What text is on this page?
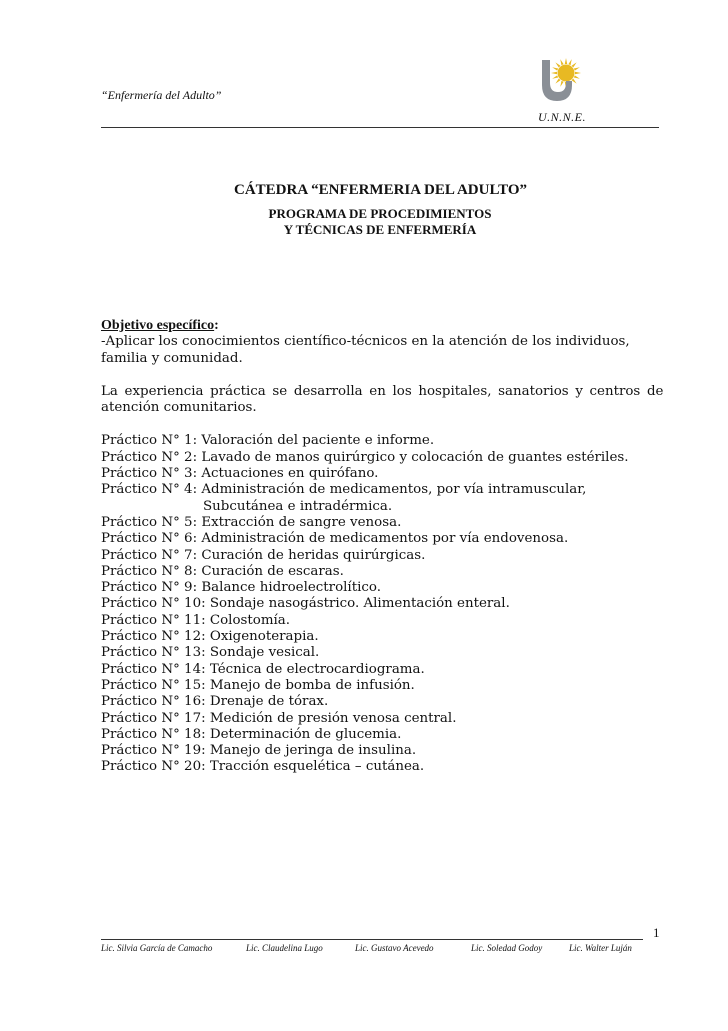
“Enfermería del Adulto”
U.N.N.E.
CÁTEDRA “ENFERMERIA DEL ADULTO”
PROGRAMA DE PROCEDIMIENTOS
Y TÉCNICAS DE ENFERMERÍA
Objetivo específico:
-Aplicar los conocimientos científico-técnicos en la atención de los individuos,
familia y comunidad.
La experiencia práctica se desarrolla en los hospitales, sanatorios y centros de
atención comunitarios.
Práctico N° 1: Valoración del paciente e informe.
Práctico N° 2: Lavado de manos quirúrgico y colocación de guantes estériles.
Práctico N° 3: Actuaciones en quirófano.
Práctico N° 4: Administración de medicamentos, por vía intramuscular,
Subcutánea e intradérmica.
Práctico N° 5: Extracción de sangre venosa.
Práctico N° 6: Administración de medicamentos por vía endovenosa.
Práctico N° 7: Curación de heridas quirúrgicas.
Práctico N° 8: Curación de escaras.
Práctico N° 9: Balance hidroelectrolítico.
Práctico N° 10: Sondaje nasogástrico. Alimentación enteral.
Práctico N° 11: Colostomía.
Práctico N° 12: Oxigenoterapia.
Práctico N° 13: Sondaje vesical.
Práctico N° 14: Técnica de electrocardiograma.
Práctico N° 15: Manejo de bomba de infusión.
Práctico N° 16: Drenaje de tórax.
Práctico N° 17: Medición de presión venosa central.
Práctico N° 18: Determinación de glucemia.
Práctico N° 19: Manejo de jeringa de insulina.
Práctico N° 20: Tracción esquelética – cutánea.
1
Lic. Silvia García de Camacho	Lic. Claudelina Lugo	Lic. Gustavo Acevedo	Lic. Soledad Godoy	Lic. Walter Luján
